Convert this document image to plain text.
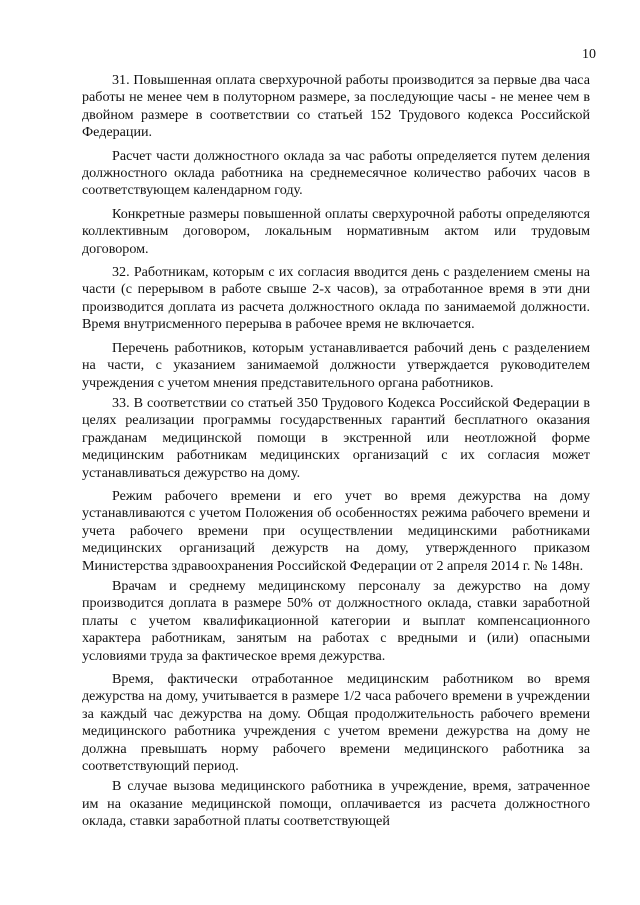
10

31. Повышенная оплата сверхурочной работы производится за первые два часа работы не менее чем в полуторном размере, за последующие часы - не менее чем в двойном размере в соответствии со статьей 152 Трудового кодекса Российской Федерации.

Расчет части должностного оклада за час работы определяется путем деления должностного оклада работника на среднемесячное количество рабочих часов в соответствующем календарном году.

Конкретные размеры повышенной оплаты сверхурочной работы определяются коллективным договором, локальным нормативным актом или трудовым договором.

32. Работникам, которым с их согласия вводится день с разделением смены на части (с перерывом в работе свыше 2-х часов), за отработанное время в эти дни производится доплата из расчета должностного оклада по занимаемой должности. Время внутрисменного перерыва в рабочее время не включается.

Перечень работников, которым устанавливается рабочий день с разделением на части, с указанием занимаемой должности утверждается руководителем учреждения с учетом мнения представительного органа работников.

33. В соответствии со статьей 350 Трудового Кодекса Российской Федерации в целях реализации программы государственных гарантий бесплатного оказания гражданам медицинской помощи в экстренной или неотложной форме медицинским работникам медицинских организаций с их согласия может устанавливаться дежурство на дому.

Режим рабочего времени и его учет во время дежурства на дому устанавливаются с учетом Положения об особенностях режима рабочего времени и учета рабочего времени при осуществлении медицинскими работниками медицинских организаций дежурств на дому, утвержденного приказом Министерства здравоохранения Российской Федерации от 2 апреля 2014 г. № 148н.

Врачам и среднему медицинскому персоналу за дежурство на дому производится доплата в размере 50% от должностного оклада, ставки заработной платы с учетом квалификационной категории и выплат компенсационного характера работникам, занятым на работах с вредными и (или) опасными условиями труда за фактическое время дежурства.

Время, фактически отработанное медицинским работником во время дежурства на дому, учитывается в размере 1/2 часа рабочего времени в учреждении за каждый час дежурства на дому. Общая продолжительность рабочего времени медицинского работника учреждения с учетом времени дежурства на дому не должна превышать норму рабочего времени медицинского работника за соответствующий период.

В случае вызова медицинского работника в учреждение, время, затраченное им на оказание медицинской помощи, оплачивается из расчета должностного оклада, ставки заработной платы соответствующей
